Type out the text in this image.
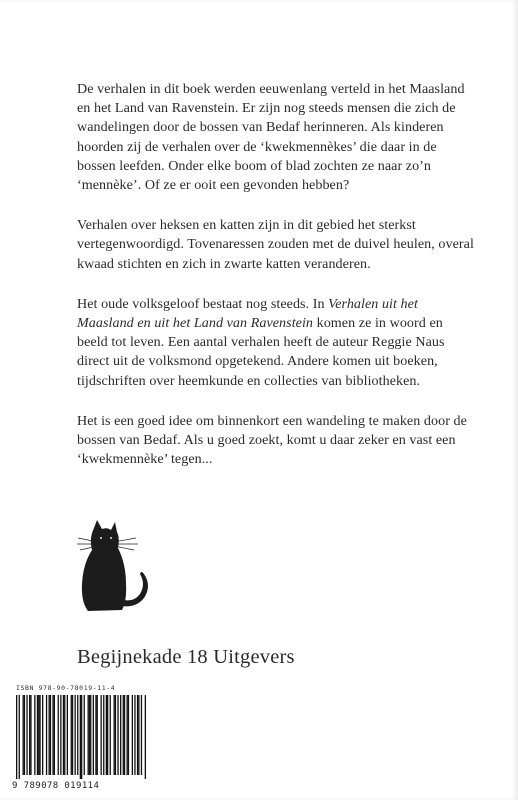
De verhalen in dit boek werden eeuwenlang verteld in het Maasland en het Land van Ravenstein. Er zijn nog steeds mensen die zich de wandelingen door de bossen van Bedaf herinneren. Als kinderen hoorden zij de verhalen over de ‘kwekmennèkes’ die daar in de bossen leefden. Onder elke boom of blad zochten ze naar zo’n ‘mennèke’. Of ze er ooit een gevonden hebben?

Verhalen over heksen en katten zijn in dit gebied het sterkst vertegenwoordigd. Tovenaressen zouden met de duivel heulen, overal kwaad stichten en zich in zwarte katten veranderen.

Het oude volksgeloof bestaat nog steeds. In Verhalen uit het Maasland en uit het Land van Ravenstein komen ze in woord en beeld tot leven. Een aantal verhalen heeft de auteur Reggie Naus direct uit de volksmond opgetekend. Andere komen uit boeken, tijdschriften over heemkunde en collecties van bibliotheken.

Het is een goed idee om binnenkort een wandeling te maken door de bossen van Bedaf. Als u goed zoekt, komt u daar zeker en vast een ‘kwekmennèke’ tegen...

Begijnekade 18 Uitgevers
ISBN 978-90-78019-11-4
9 789078 019114
